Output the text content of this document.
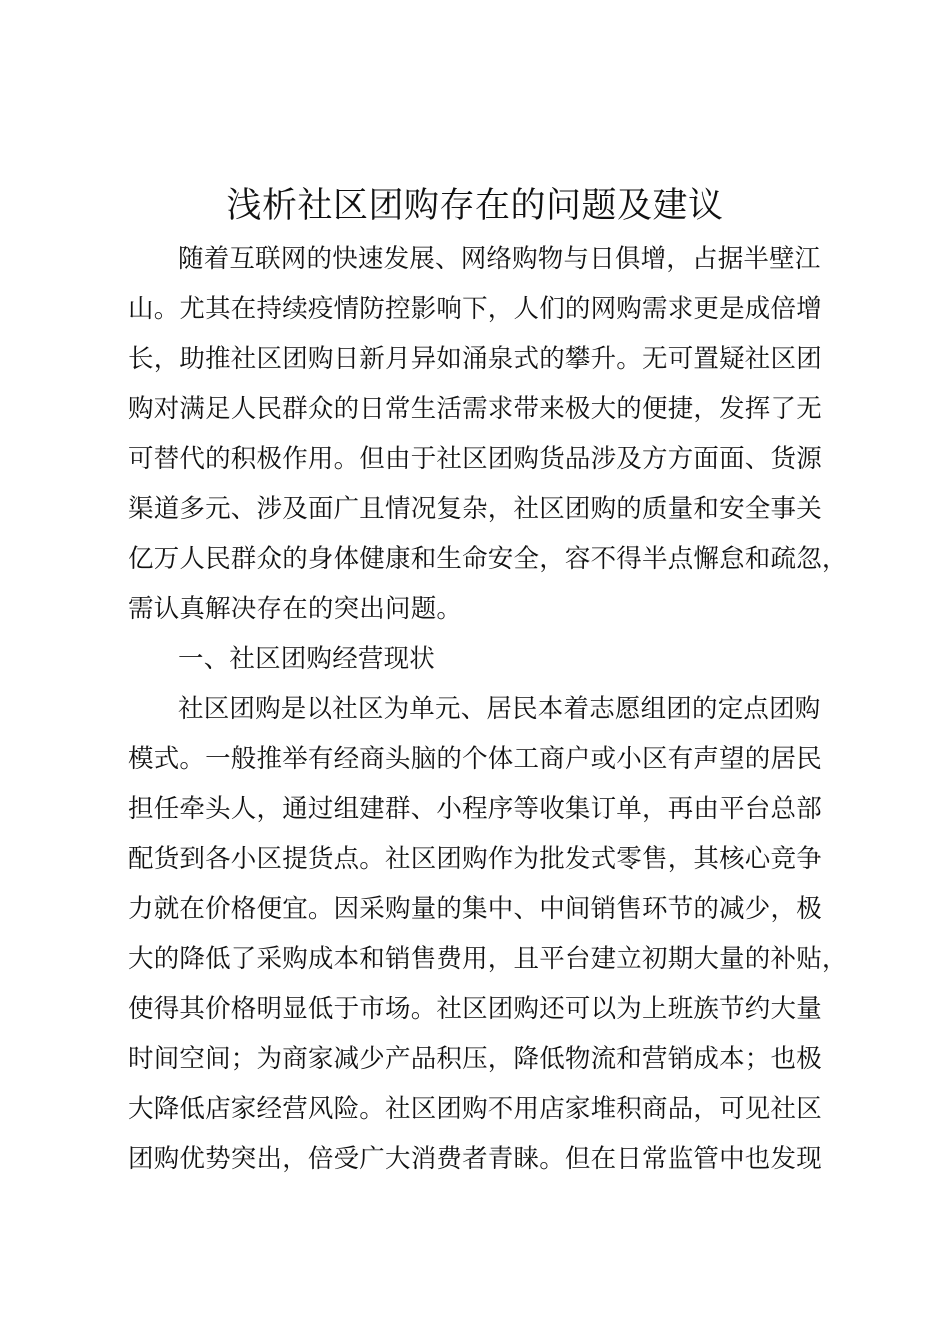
浅析社区团购存在的问题及建议
随着互联网的快速发展、网络购物与日俱增，占据半壁江
山。尤其在持续疫情防控影响下，人们的网购需求更是成倍增
长，助推社区团购日新月异如涌泉式的攀升。无可置疑社区团
购对满足人民群众的日常生活需求带来极大的便捷，发挥了无
可替代的积极作用。但由于社区团购货品涉及方方面面、货源
渠道多元、涉及面广且情况复杂，社区团购的质量和安全事关
亿万人民群众的身体健康和生命安全，容不得半点懈怠和疏忽，
需认真解决存在的突出问题。
一、社区团购经营现状
社区团购是以社区为单元、居民本着志愿组团的定点团购
模式。一般推举有经商头脑的个体工商户或小区有声望的居民
担任牵头人，通过组建群、小程序等收集订单，再由平台总部
配货到各小区提货点。社区团购作为批发式零售，其核心竞争
力就在价格便宜。因采购量的集中、中间销售环节的减少，极
大的降低了采购成本和销售费用，且平台建立初期大量的补贴，
使得其价格明显低于市场。社区团购还可以为上班族节约大量
时间空间；为商家减少产品积压，降低物流和营销成本；也极
大降低店家经营风险。社区团购不用店家堆积商品，可见社区
团购优势突出，倍受广大消费者青睐。但在日常监管中也发现
